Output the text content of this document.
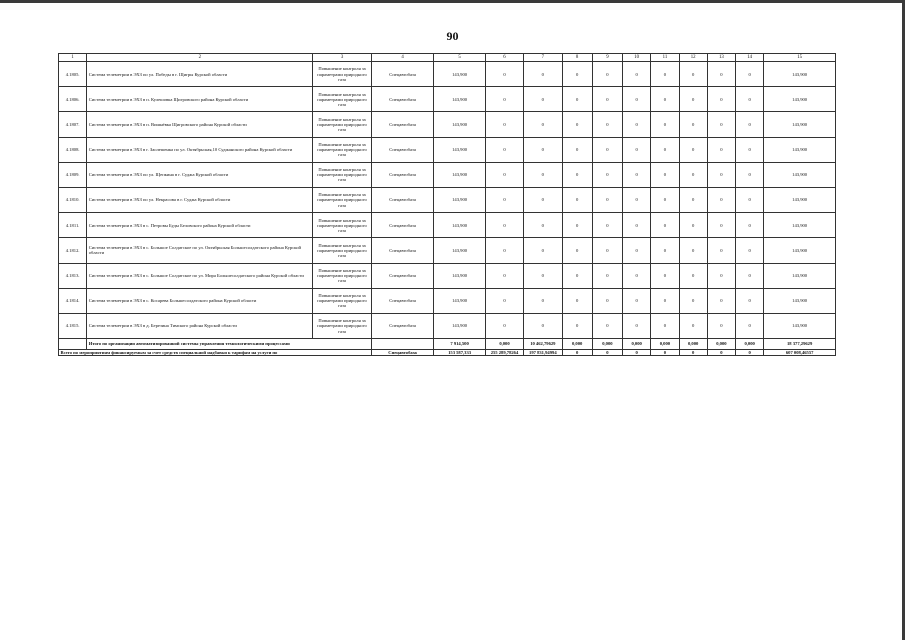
90
1	2	3	4	5	6	7	8	9	10	11	12	13	14	15
4.1805.	Система телеметрии в ЭХЗ по ул. Победы в г. Щигры Курской области	Повышение контроля за параметрами природного газа	Спецавтобаза	143,900	0	0	0	0	0	0	0	0	0	143,900
4.1806.	Система телеметрии в ЭХЗ в п. Кулешовка Щигровского района Курской области	Повышение контроля за параметрами природного газа	Спецавтобаза	143,900	0	0	0	0	0	0	0	0	0	143,900
4.1807.	Система телеметрии в ЭХЗ в п. Вишнёвка Щигровского района Курской области	Повышение контроля за параметрами природного газа	Спецавтобаза	143,900	0	0	0	0	0	0	0	0	0	143,900
4.1808.	Система телеметрии в ЭХЗ в г. Заолешенка по ул. Октябрьская,10 Суджанского района Курской области	Повышение контроля за параметрами природного газа	Спецавтобаза	143,900	0	0	0	0	0	0	0	0	0	143,900
4.1809.	Система телеметрии в ЭХЗ по ул. Щепкина в г. Суджа Курской области	Повышение контроля за параметрами природного газа	Спецавтобаза	143,900	0	0	0	0	0	0	0	0	0	143,900
4.1810.	Система телеметрии в ЭХЗ по ул. Некрасова в г. Суджа Курской области	Повышение контроля за параметрами природного газа	Спецавтобаза	143,900	0	0	0	0	0	0	0	0	0	143,900
4.1811.	Система телеметрии в ЭХЗ в с. Петровы Буды Беловского района Курской области	Повышение контроля за параметрами природного газа	Спецавтобаза	143,900	0	0	0	0	0	0	0	0	0	143,900
4.1812.	Система телеметрии в ЭХЗ в с. Большое Солдатское по ул. Октябрьская Большесолдатского района Курской области	Повышение контроля за параметрами природного газа	Спецавтобаза	143,900	0	0	0	0	0	0	0	0	0	143,900
4.1813.	Система телеметрии в ЭХЗ в с. Большое Солдатское по ул. Мира Большесолдатского района Курской области	Повышение контроля за параметрами природного газа	Спецавтобаза	143,900	0	0	0	0	0	0	0	0	0	143,900
4.1814.	Система телеметрии в ЭХЗ в с. Косарева Большесолдатского района Курской области	Повышение контроля за параметрами природного газа	Спецавтобаза	143,900	0	0	0	0	0	0	0	0	0	143,900
4.1815.	Система телеметрии в ЭХЗ в д. Березина Тимского района Курской области	Повышение контроля за параметрами природного газа	Спецавтобаза	143,900	0	0	0	0	0	0	0	0	0	143,900
	Итого по организации автоматизированной системы управления технологическими процессами			7 914,500	0,000	10 462,79629	0,000	0,000	0,000	0,000	0,000	0,000	0,000	18 377,29629
Всего по мероприятиям финансируемым за счет средств специальной надбавки к тарифам на услуги по			Спецавтобаза	153 587,333	255 289,78264	197 831,94994	0	0	0	0	0	0	0	607 008,46557
